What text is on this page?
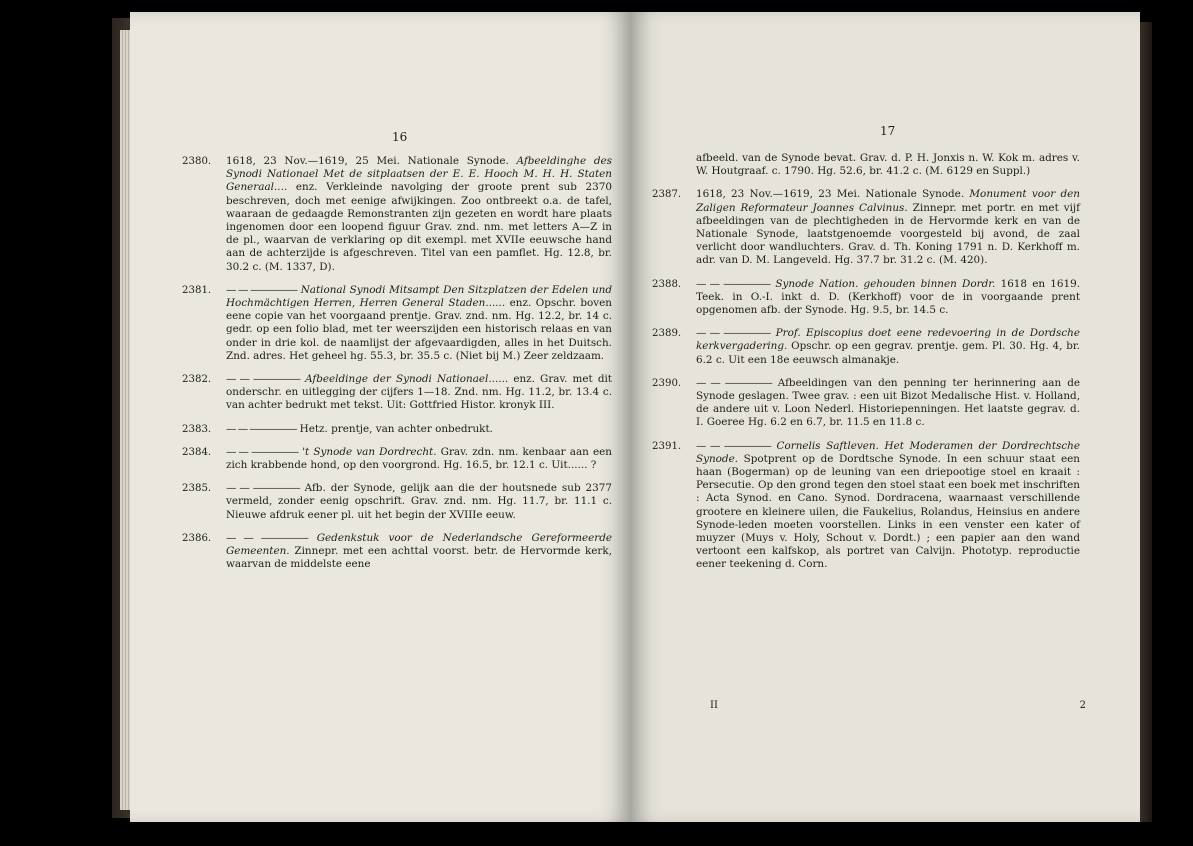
16
2380. 1618, 23 Nov.—1619, 25 Mei. Nationale Synode. Afbeeldinghe des Synodi Nationael Met de sitplaatsen der E. E. Hooch M. H. H. Staten Generaal.... enz. Verkleinde navolging der groote prent sub 2370 beschreven, doch met eenige afwijkingen. Zoo ontbreekt o.a. de tafel, waaraan de gedaagde Remonstranten zijn gezeten en wordt hare plaats ingenomen door een loopend figuur Grav. znd. nm. met letters A—Z in de pl., waarvan de verklaring op dit exempl. met XVIIe eeuwsche hand aan de achterzijde is afgeschreven. Titel van een pamflet. Hg. 12.8, br. 30.2 c. (M. 1337, D).
2381. — — ————— National Synodi Mitsampt Den Sitzplatzen der Edelen und Hochmächtigen Herren, Herren General Staden...... enz. Opschr. boven eene copie van het voorgaand prentje. Grav. znd. nm. Hg. 12.2, br. 14 c. gedr. op een folio blad, met ter weerszijden een historisch relaas en van onder in drie kol. de naamlijst der afgevaardigden, alles in het Duitsch. Znd. adres. Het geheel hg. 55.3, br. 35.5 c. (Niet bij M.) Zeer zeldzaam.
2382. — — ————— Afbeeldinge der Synodi Nationael...... enz. Grav. met dit onderschr. en uitlegging der cijfers 1—18. Znd. nm. Hg. 11.2, br. 13.4 c. van achter bedrukt met tekst. Uit: Gottfried Histor. kronyk III.
2383. — — ————— Hetz. prentje, van achter onbedrukt.
2384. — — ————— 't Synode van Dordrecht. Grav. zdn. nm. kenbaar aan een zich krabbende hond, op den voorgrond. Hg. 16.5, br. 12.1 c. Uit...... ?
2385. — — ————— Afb. der Synode, gelijk aan die der houtsnede sub 2377 vermeld, zonder eenig opschrift. Grav. znd. nm. Hg. 11.7, br. 11.1 c. Nieuwe afdruk eener pl. uit het begin der XVIIIe eeuw.
2386. — — ————— Gedenkstuk voor de Nederlandsche Gereformeerde Gemeenten. Zinnepr. met een achttal voorst. betr. de Hervormde kerk, waarvan de middelste eene
17
afbeeld. van de Synode bevat. Grav. d. P. H. Jonxis n. W. Kok m. adres v. W. Houtgraaf. c. 1790. Hg. 52.6, br. 41.2 c. (M. 6129 en Suppl.)
2387. 1618, 23 Nov.—1619, 23 Mei. Nationale Synode. Monument voor den Zaligen Reformateur Joannes Calvinus. Zinnepr. met portr. en met vijf afbeeldingen van de plechtigheden in de Hervormde kerk en van de Nationale Synode, laatstgenoemde voorgesteld bij avond, de zaal verlicht door wandluchters. Grav. d. Th. Koning 1791 n. D. Kerkhoff m. adr. van D. M. Langeveld. Hg. 37.7 br. 31.2 c. (M. 420).
2388. — — ————— Synode Nation. gehouden binnen Dordr. 1618 en 1619. Teek. in O.-I. inkt d. D. (Kerkhoff) voor de in voorgaande prent opgenomen afb. der Synode. Hg. 9.5, br. 14.5 c.
2389. — — ————— Prof. Episcopius doet eene redevoering in de Dordsche kerkvergadering. Opschr. op een gegrav. prentje. gem. Pl. 30. Hg. 4, br. 6.2 c. Uit een 18e eeuwsch almanakje.
2390. — — ————— Afbeeldingen van den penning ter herinnering aan de Synode geslagen. Twee grav. : een uit Bizot Medalische Hist. v. Holland, de andere uit v. Loon Nederl. Historiepenningen. Het laatste gegrav. d. I. Goeree Hg. 6.2 en 6.7, br. 11.5 en 11.8 c.
2391. — — ————— Cornelis Saftleven. Het Moderamen der Dordrechtsche Synode. Spotprent op de Dordtsche Synode. In een schuur staat een haan (Bogerman) op de leuning van een driepootige stoel en kraait : Persecutie. Op den grond tegen den stoel staat een boek met inschriften : Acta Synod. en Cano. Synod. Dordracena, waarnaast verschillende grootere en kleinere uilen, die Faukelius, Rolandus, Heinsius en andere Synode-leden moeten voorstellen. Links in een venster een kater of muyzer (Muys v. Holy, Schout v. Dordt.) ; een papier aan den wand vertoont een kalfskop, als portret van Calvijn. Phototyp. reproductie eener teekening d. Corn.
II	2
